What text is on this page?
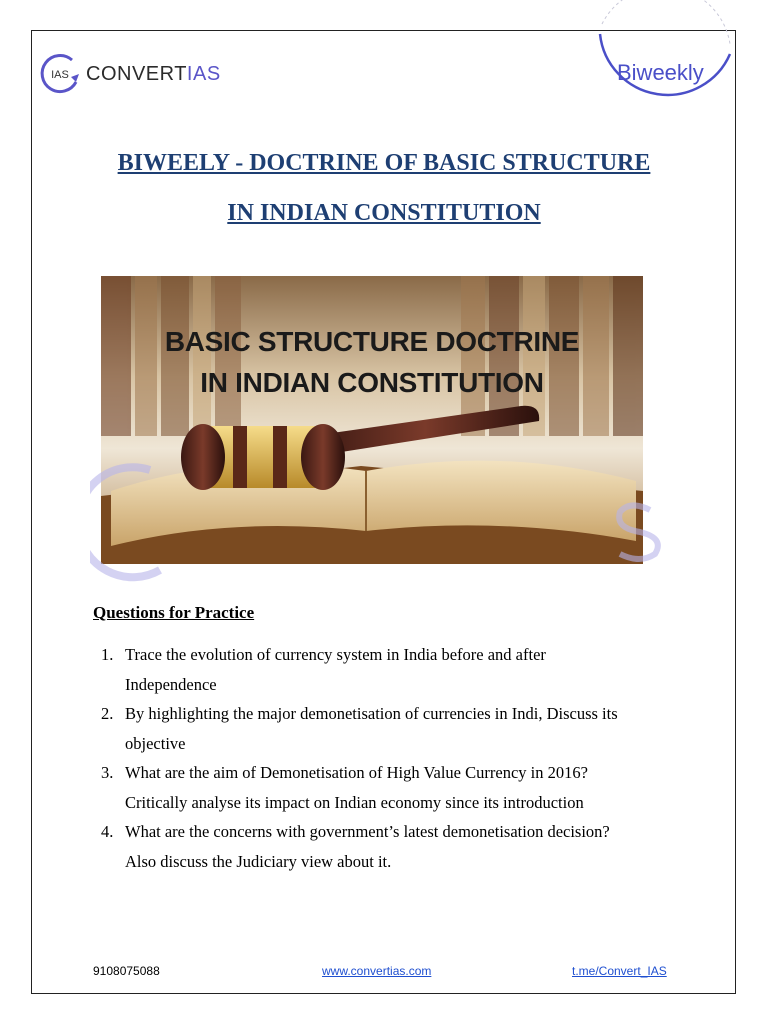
IAS CONVERTIAS	Biweekly
BIWEELY - DOCTRINE OF BASIC STRUCTURE
IN INDIAN CONSTITUTION
BASIC STRUCTURE DOCTRINE
IN INDIAN CONSTITUTION
Questions for Practice
1. Trace the evolution of currency system in India before and after
Independence
2. By highlighting the major demonetisation of currencies in Indi, Discuss its
objective
3. What are the aim of Demonetisation of High Value Currency in 2016?
Critically analyse its impact on Indian economy since its introduction
4. What are the concerns with government’s latest demonetisation decision?
Also discuss the Judiciary view about it.
9108075088	www.convertias.com	t.me/Convert_IAS
